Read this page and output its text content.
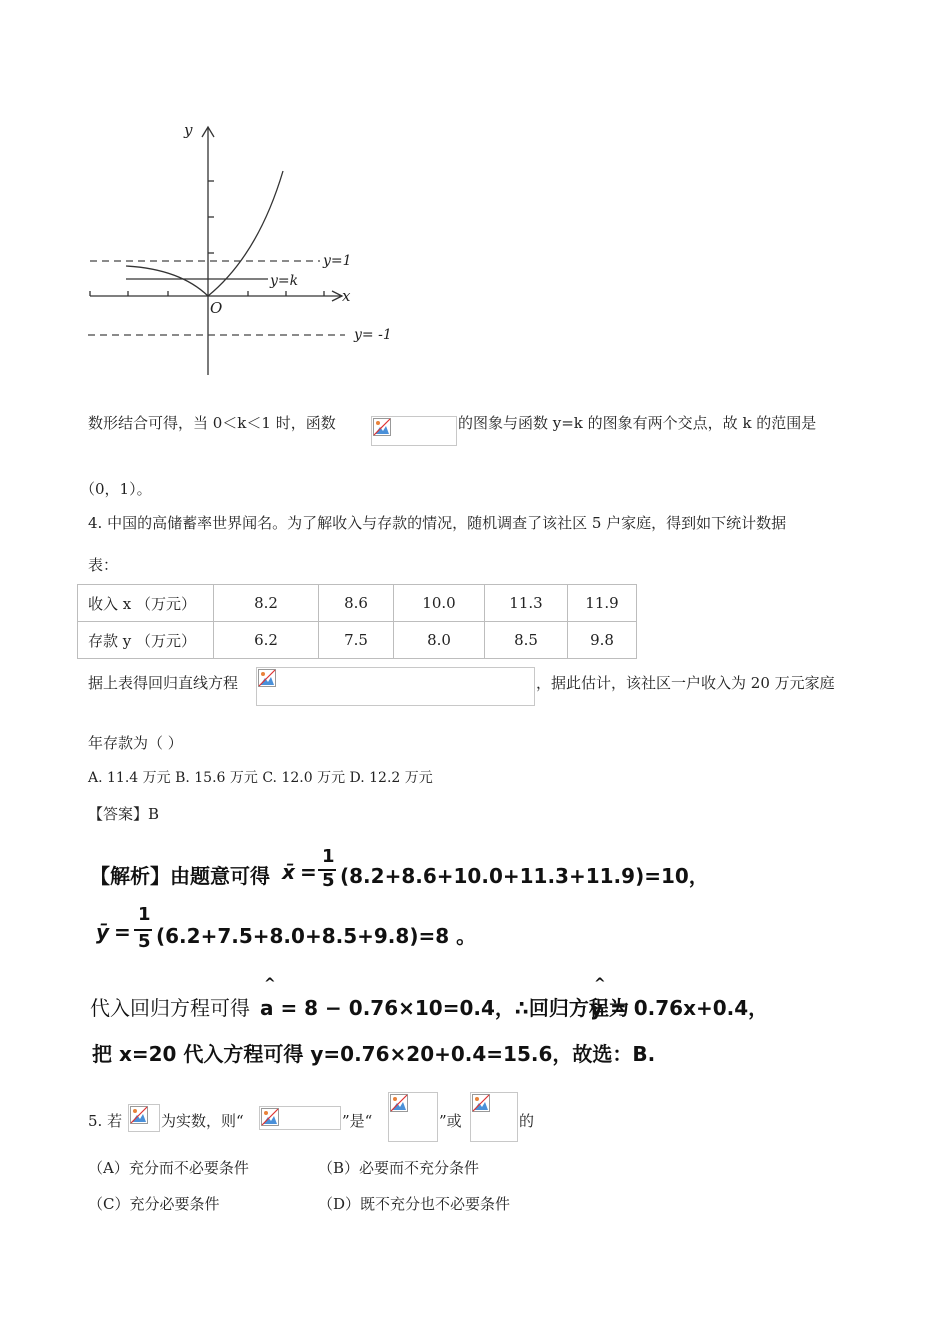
y
x
O
y=1
y=k
y= -1
数形结合可得，当 0＜k＜1 时，函数	的图象与函数 y=k 的图象有两个交点，故 k 的范围是
（0，1）。
4. 中国的高储蓄率世界闻名。为了解收入与存款的情况，随机调查了该社区 5 户家庭，得到如下统计数据
表：
收入 x （万元）	8.2	8.6	10.0	11.3	11.9
存款 y （万元）	6.2	7.5	8.0	8.5	9.8
据上表得回归直线方程	，据此估计，该社区一户收入为 20 万元家庭
年存款为（ ）
A. 11.4 万元 B. 15.6 万元 C. 12.0 万元 D. 12.2 万元
【答案】B
【解析】由题意可得 x̄ =
1
5 (8.2+8.6+10.0+11.3+11.9)=10，
ȳ =
1
5 (6.2+7.5+8.0+8.5+9.8)=8 。
代入回归方程可得
^
a = 8 − 0.76×10=0.4，∴回归方程为
^
y = 0.76x+0.4，
把 x=20 代入方程可得 y=0.76×20+0.4=15.6，故选：B.
5. 若	为实数，则“	”是“	”或	的
（A）充分而不必要条件	（B）必要而不充分条件
（C）充分必要条件	（D）既不充分也不必要条件
